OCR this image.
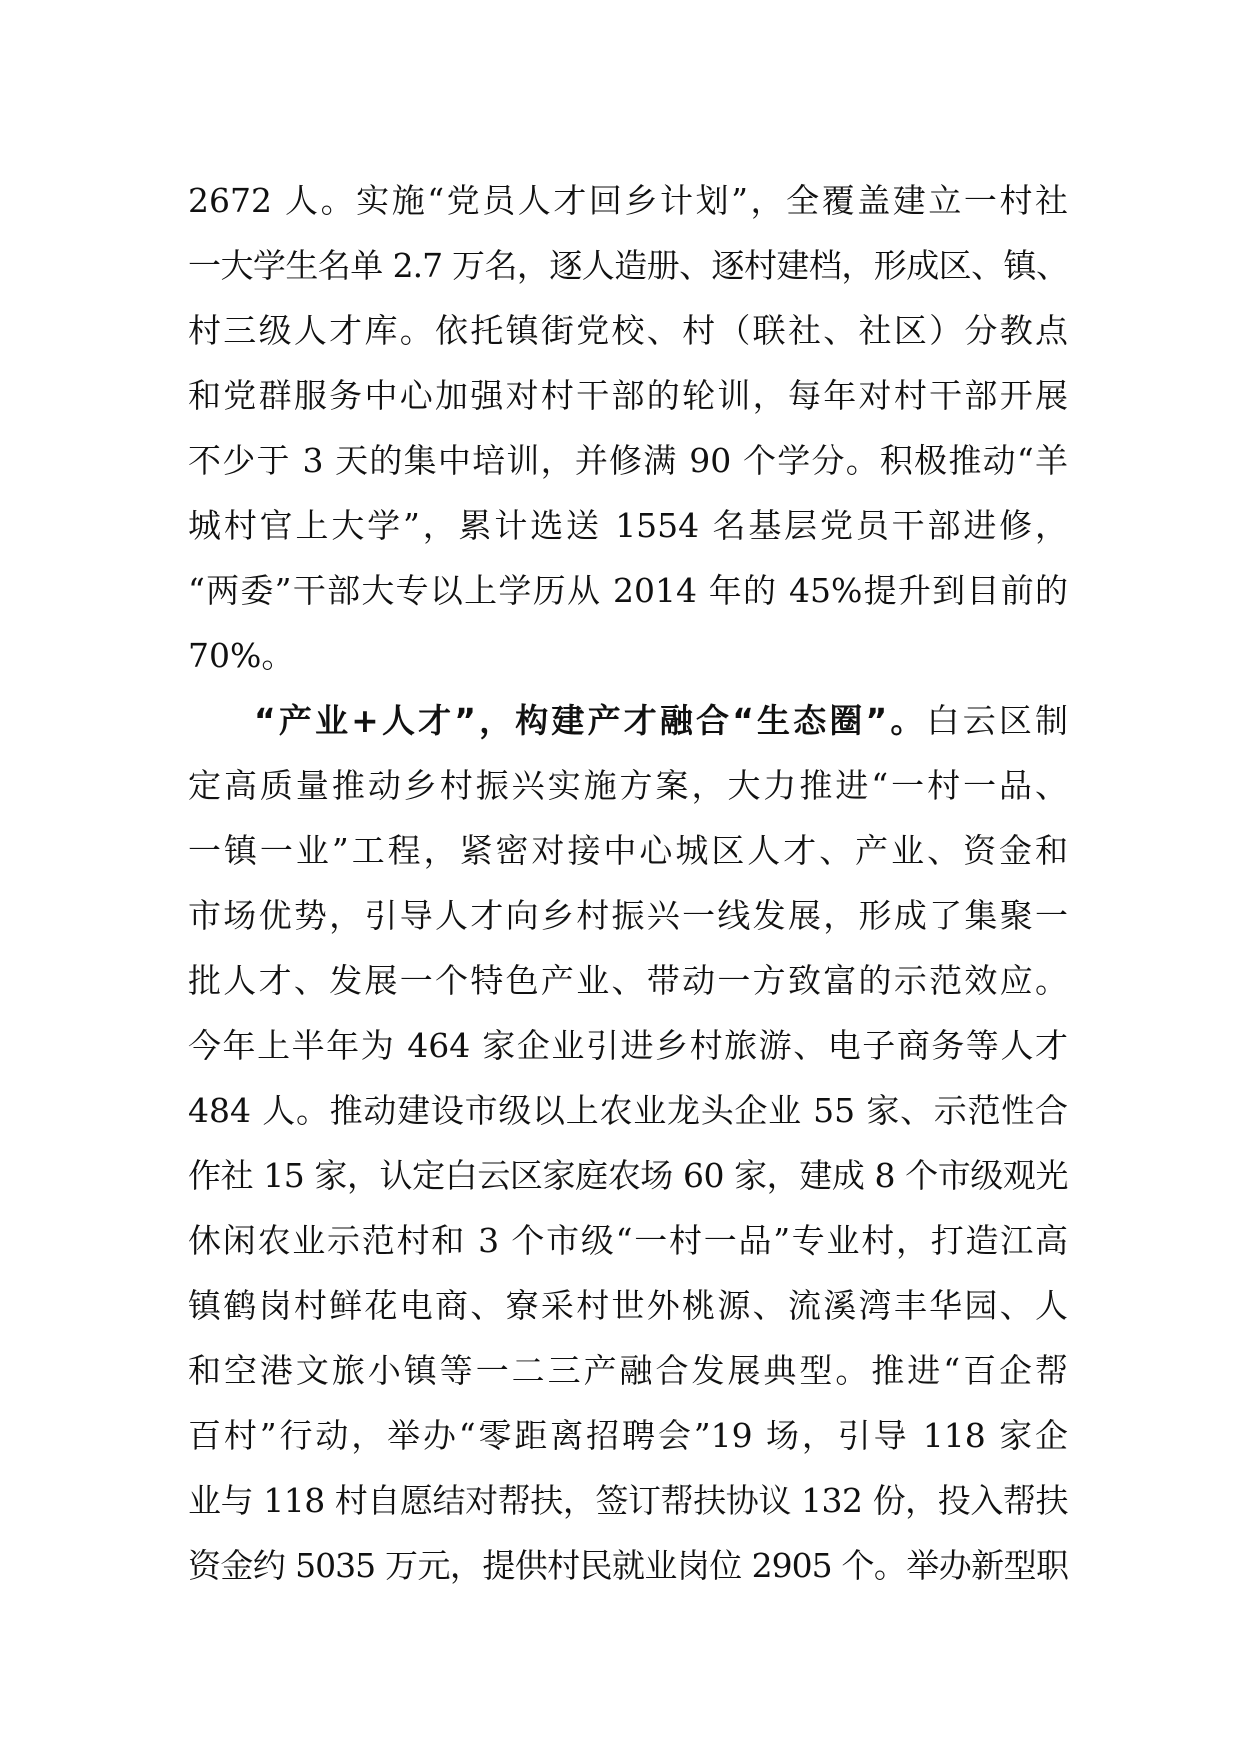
2672 人。实施“党员人才回乡计划”，全覆盖建立一村社
一大学生名单 2.7 万名，逐人造册、逐村建档，形成区、镇、
村三级人才库。依托镇街党校、村（联社、社区）分教点
和党群服务中心加强对村干部的轮训，每年对村干部开展
不少于 3 天的集中培训，并修满 90 个学分。积极推动“羊
城村官上大学”，累计选送 1554 名基层党员干部进修，
“两委”干部大专以上学历从 2014 年的 45%提升到目前的
70%。
“产业+人才”，构建产才融合“生态圈”。白云区制
定高质量推动乡村振兴实施方案，大力推进“一村一品、
一镇一业”工程，紧密对接中心城区人才、产业、资金和
市场优势，引导人才向乡村振兴一线发展，形成了集聚一
批人才、发展一个特色产业、带动一方致富的示范效应。
今年上半年为 464 家企业引进乡村旅游、电子商务等人才
484 人。推动建设市级以上农业龙头企业 55 家、示范性合
作社 15 家，认定白云区家庭农场 60 家，建成 8 个市级观光
休闲农业示范村和 3 个市级“一村一品”专业村，打造江高
镇鹤岗村鲜花电商、寮采村世外桃源、流溪湾丰华园、人
和空港文旅小镇等一二三产融合发展典型。推进“百企帮
百村”行动，举办“零距离招聘会”19 场，引导 118 家企
业与 118 村自愿结对帮扶，签订帮扶协议 132 份，投入帮扶
资金约 5035 万元，提供村民就业岗位 2905 个。举办新型职
